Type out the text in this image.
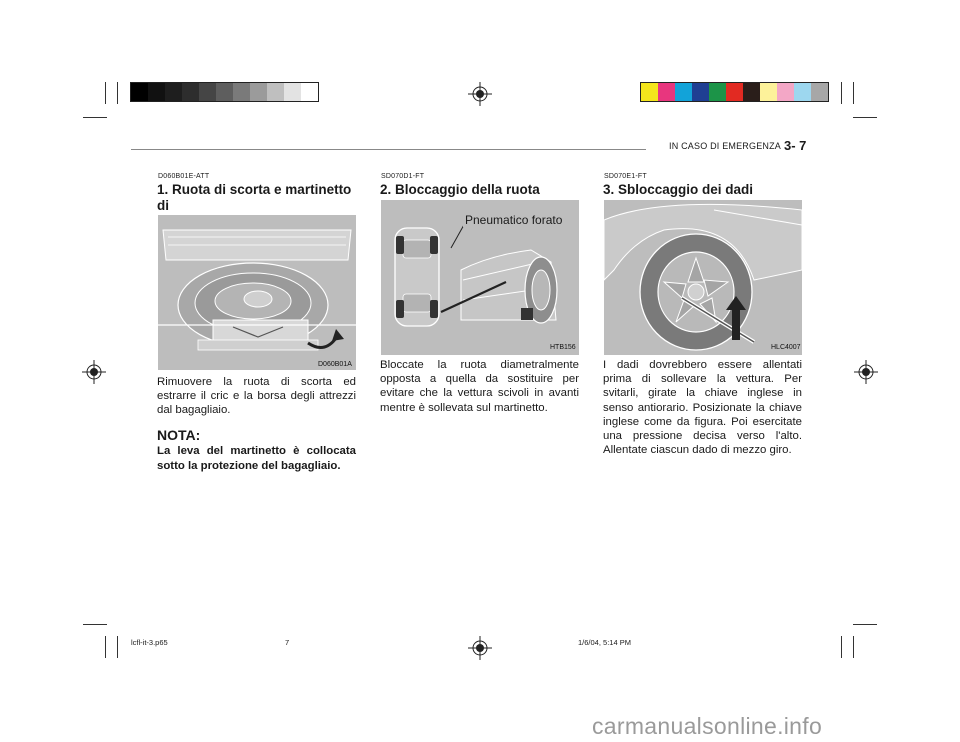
IN CASO DI EMERGENZA 3- 7
D060B01E-ATT
1. Ruota di scorta e martinetto di

D060B01A
Rimuovere la ruota di scorta ed estrarre il cric e la borsa degli attrezzi dal bagagliaio.
NOTA:
La leva del martinetto è collocata sotto la protezione del bagagliaio.
SD070D1-FT
2. Bloccaggio della ruota
Pneumatico forato
HTB156
Bloccate la ruota diametralmente opposta a quella da sostituire per evitare che la vettura scivoli in avanti mentre è sollevata sul martinetto.
SD070E1-FT
3. Sbloccaggio dei dadi
HLC4007
I dadi dovrebbero essere allentati prima di sollevare la vettura. Per svitarli, girate la chiave inglese in senso antiorario. Posizionate la chiave inglese come da figura. Poi esercitate una pressione decisa verso l'alto. Allentate ciascun dado di mezzo giro.
lcfl-it-3.p65	7	1/6/04, 5:14 PM
carmanualsonline.info
